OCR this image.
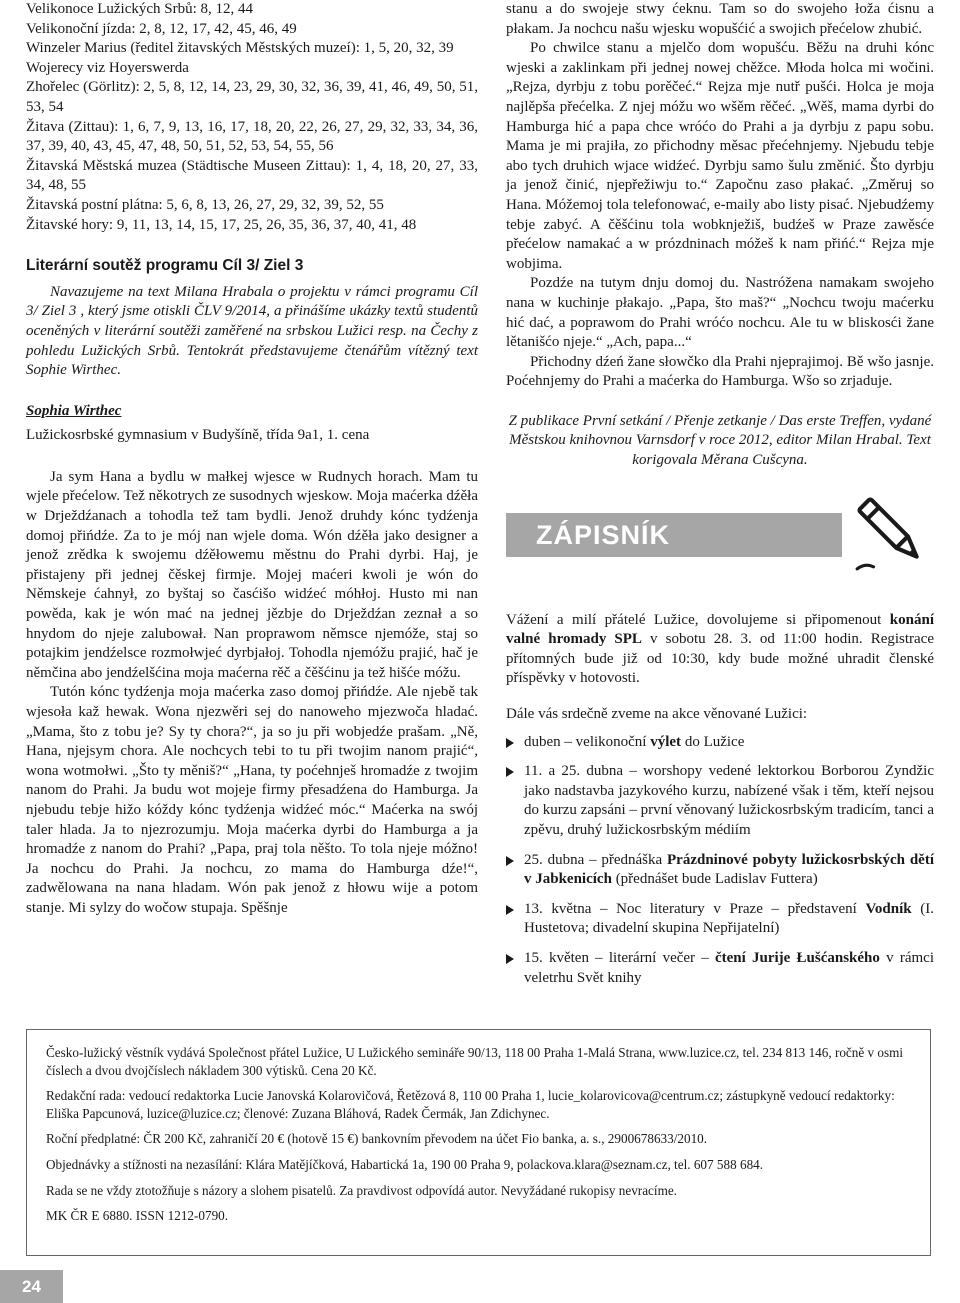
Velikonoce Lužických Srbů: 8, 12, 44

Velikonoční jízda: 2, 8, 12, 17, 42, 45, 46, 49

Winzeler Marius (ředitel žitavských Městských muzeí): 1, 5, 20, 32, 39

Wojerecy viz Hoyerswerda

Zhořelec (Görlitz): 2, 5, 8, 12, 14, 23, 29, 30, 32, 36, 39, 41, 46, 49, 50, 51, 53, 54

Žitava (Zittau): 1, 6, 7, 9, 13, 16, 17, 18, 20, 22, 26, 27, 29, 32, 33, 34, 36, 37, 39, 40, 43, 45, 47, 48, 50, 51, 52, 53, 54, 55, 56

Žitavská Městská muzea (Städtische Museen Zittau): 1, 4, 18, 20, 27, 33, 34, 48, 55

Žitavská postní plátna: 5, 6, 8, 13, 26, 27, 29, 32, 39, 52, 55

Žitavské hory: 9, 11, 13, 14, 15, 17, 25, 26, 35, 36, 37, 40, 41, 48

Literární soutěž programu Cíl 3/ Ziel 3

Navazujeme na text Milana Hrabala o projektu v rámci programu Cíl 3/ Ziel 3 , který jsme otiskli ČLV 9/2014, a přinášíme ukázky textů studentů oceněných v literární soutěži zaměřené na srbskou Lužici resp. na Čechy z pohledu Lužických Srbů. Tentokrát představujeme čtenářům vítězný text Sophie Wirthec.

Sophia Wirthec

Lužickosrbské gymnasium v Budyšíně, třída 9a1, 1. cena

Ja sym Hana a bydlu w małkej wjesce w Rudnych horach. Mam tu wjele přećelow. Tež někotrych ze susodnych wjeskow. Moja maćerka dźěła w Drježdźanach a tohodla tež tam bydli. Jenož druhdy kónc tydźenja domoj přińdźe. Za to je mój nan wjele doma. Wón dźěła jako designer a jenož zrědka k swojemu dźěłowemu městnu do Prahi dyrbi. Haj, je přistajeny při jednej čěskej firmje. Mojej maćeri kwoli je wón do Němskeje ćahnył, zo byštaj so časćišo widźeć móhłoj. Husto mi nan powěda, kak je wón mać na jednej jězbje do Drježdźan zeznał a so hnydom do njeje zalubował. Nan proprawom němsce njemóže, staj so potajkim jendźelsce rozmołwjeć dyrbjałoj. Tohodla njemóžu prajić, hač je němčina abo jendźelšćina moja maćerna rěč a čěšćinu ja tež hišće móžu.

Tutón kónc tydźenja moja maćerka zaso domoj přińdźe. Ale njebě tak wjesoła kaž hewak. Wona njezwěri sej do nanoweho mjezwoča hladać. „Mama, što z tobu je? Sy ty chora?“, ja so ju při wobjedźe prašam. „Ně, Hana, njejsym chora. Ale nochcych tebi to tu při twojim nanom prajić“, wona wotmołwi. „Što ty měniš?“ „Hana, ty poćehnješ hromadźe z twojim nanom do Prahi. Ja budu wot mojeje firmy přesadźena do Hamburga. Ja njebudu tebje hižo kóždy kónc tydźenja widźeć móc.“ Maćerka na swój taler hlada. Ja to njezrozumju. Moja maćerka dyrbi do Hamburga a ja hromadźe z nanom do Prahi? „Papa, praj tola něšto. To tola njeje móžno! Ja nochcu do Prahi. Ja nochcu, zo mama do Hamburga dźe!“, zadwělowana na nana hladam. Wón pak jenož z hłowu wije a potom stanje. Mi sylzy do wočow stupaja. Spěšnje

stanu a do swojeje stwy ćeknu. Tam so do swojeho łoža ćisnu a płakam. Ja nochcu našu wjesku wopušćić a swojich přećelow zhubić.

Po chwilce stanu a mjelčo dom wopušću. Běžu na druhi kónc wjeski a zaklinkam při jednej nowej chěžce. Młoda holca mi wočini. „Rejza, dyrbju z tobu porěčeć.“ Rejza mje nutř pušći. Holca je moja najlěpša přećelka. Z njej móžu wo wšěm rěčeć. „Wěš, mama dyrbi do Hamburga hić a papa chce wróćo do Prahi a ja dyrbju z papu sobu. Mama je mi prajiła, zo přichodny měsac přećehnjemy. Njebudu tebje abo tych druhich wjace widźeć. Dyrbju samo šulu změnić. Što dyrbju ja jenož činić, njepřežiwju to.“ Započnu zaso płakać. „Změruj so Hana. Móžemoj tola telefonować, e-maily abo listy pisać. Njebudźemy tebje zabyć. A čěšćinu tola wobknježiš, budźeš w Praze zawěsće přećelow namakać a w prózdninach móžeš k nam přińć.“ Rejza mje wobjima.

Pozdźe na tutym dnju domoj du. Nastróžena namakam swojeho nana w kuchinje płakajo. „Papa, što maš?“ „Nochcu twoju maćerku hić dać, a poprawom do Prahi wróćo nochcu. Ale tu w bliskosći žane lětanišćo njeje.“ „Ach, papa...“

Přichodny dźeń žane słowčko dla Prahi njeprajimoj. Bě wšo jasnje. Poćehnjemy do Prahi a maćerka do Hamburga. Wšo so zrjaduje.

Z publikace První setkání / Přenje zetkanje / Das erste Treffen, vydané Městskou knihovnou Varnsdorf v roce 2012, editor Milan Hrabal. Text korigovala Měrana Cušcyna.

ZÁPISNÍK

Vážení a milí přátelé Lužice, dovolujeme si připomenout konání valné hromady SPL v sobotu 28. 3. od 11:00 hodin. Registrace přítomných bude již od 10:30, kdy bude možné uhradit členské příspěvky v hotovosti.

Dále vás srdečně zveme na akce věnované Lužici:

duben – velikonoční výlet do Lužice
11. a 25. dubna – worshopy vedené lektorkou Borborou Zyndžic jako nadstavba jazykového kurzu, nabízené však i těm, kteří nejsou do kurzu zapsáni – první věnovaný lužickosrbským tradicím, tanci a zpěvu, druhý lužickosrbským médiím
25. dubna – přednáška Prázdninové pobyty lužickosrbských dětí v Jabkenicích (přednášet bude Ladislav Futtera)
13. května – Noc literatury v Praze – představení Vodník (I. Hustetova; divadelní skupina Nepřijatelní)
15. květen – literární večer – čtení Jurije Łušćanského v rámci veletrhu Svět knihy

Česko-lužický věstník vydává Společnost přátel Lužice, U Lužického semináře 90/13, 118 00 Praha 1-Malá Strana, www.luzice.cz, tel. 234 813 146, ročně v osmi číslech a dvou dvojčíslech nákladem 300 výtisků. Cena 20 Kč.

Redakční rada: vedoucí redaktorka Lucie Janovská Kolarovičová, Řetězová 8, 110 00 Praha 1, lucie_kolarovicova@centrum.cz; zástupkyně vedoucí redaktorky: Eliška Papcunová, luzice@luzice.cz; členové: Zuzana Bláhová, Radek Čermák, Jan Zdichynec.

Roční předplatné: ČR 200 Kč, zahraničí 20 € (hotově 15 €) bankovním převodem na účet Fio banka, a. s., 2900678633/2010.

Objednávky a stížnosti na nezasílání: Klára Matějíčková, Habartická 1a, 190 00 Praha 9, polackova.klara@seznam.cz, tel. 607 588 684.

Rada se ne vždy ztotožňuje s názory a slohem pisatelů. Za pravdivost odpovídá autor. Nevyžádané rukopisy nevracíme.

MK ČR E 6880. ISSN 1212-0790.

24
